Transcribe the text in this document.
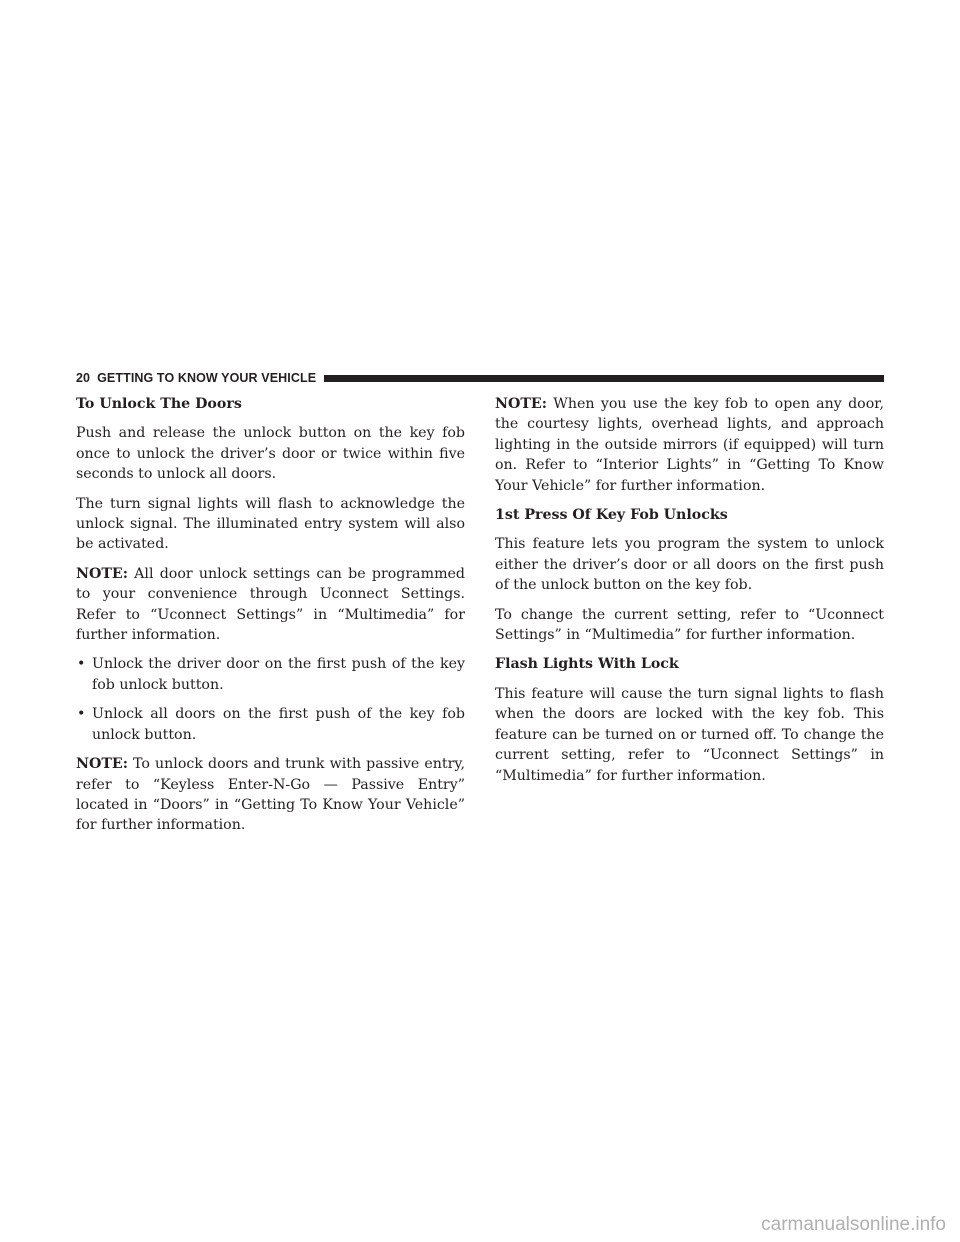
20 GETTING TO KNOW YOUR VEHICLE
To Unlock The Doors

Push and release the unlock button on the key fob once to unlock the driver’s door or twice within five seconds to unlock all doors.

The turn signal lights will flash to acknowledge the unlock signal. The illuminated entry system will also be activated.

NOTE: All door unlock settings can be programmed to your convenience through Uconnect Settings. Refer to “Uconnect Settings” in “Multimedia” for further information.

• Unlock the driver door on the first push of the key fob unlock button.
• Unlock all doors on the first push of the key fob unlock button.

NOTE: To unlock doors and trunk with passive entry, refer to “Keyless Enter-N-Go — Passive Entry” located in “Doors” in “Getting To Know Your Vehicle” for further information.

NOTE: When you use the key fob to open any door, the courtesy lights, overhead lights, and approach lighting in the outside mirrors (if equipped) will turn on. Refer to “Interior Lights” in “Getting To Know Your Vehicle” for further information.

1st Press Of Key Fob Unlocks

This feature lets you program the system to unlock either the driver’s door or all doors on the first push of the unlock button on the key fob.

To change the current setting, refer to “Uconnect Settings” in “Multimedia” for further information.

Flash Lights With Lock

This feature will cause the turn signal lights to flash when the doors are locked with the key fob. This feature can be turned on or turned off. To change the current setting, refer to “Uconnect Settings” in “Multimedia” for further information.

carmanualsonline.info
